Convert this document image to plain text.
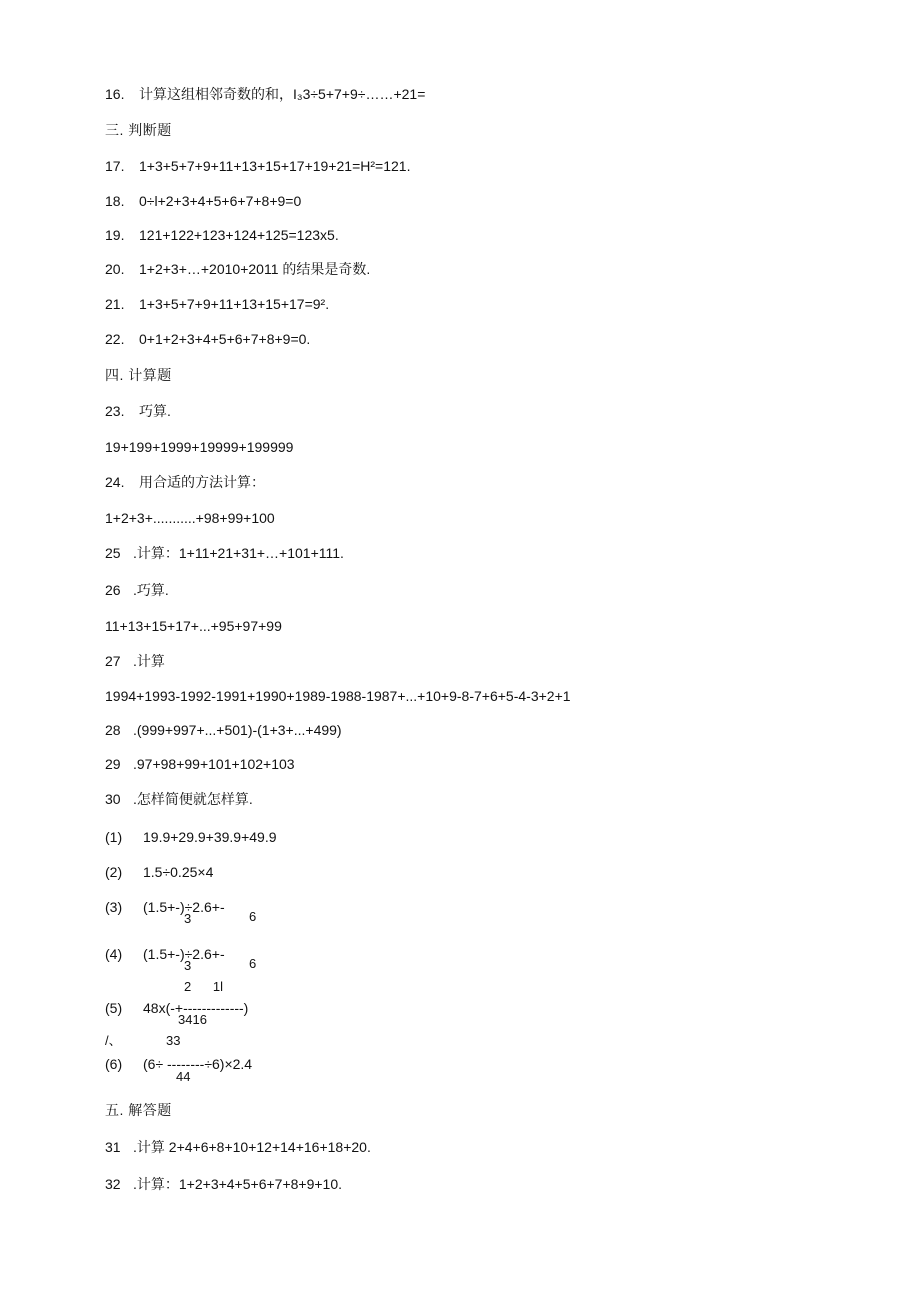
16. 计算这组相邻奇数的和，I₃3÷5+7+9÷……+21=
三. 判断题
17. 1+3+5+7+9+11+13+15+17+19+21=H²=121.
18. 0÷l+2+3+4+5+6+7+8+9=0
19. 121+122+123+124+125=123x5.
20. 1+2+3+…+2010+2011 的结果是奇数.
21. 1+3+5+7+9+11+13+15+17=9².
22. 0+1+2+3+4+5+6+7+8+9=0.
四. 计算题
23. 巧算.
19+199+1999+19999+199999
24. 用合适的方法计算：
1+2+3+...........+98+99+100
25 .计算：1+11+21+31+…+101+111.
26 .巧算.
11+13+15+17+...+95+97+99
27 .计算
1994+1993-1992-1991+1990+1989-1988-1987+...+10+9-8-7+6+5-4-3+2+1
28 .(999+997+...+501)-(1+3+...+499)
29 .97+98+99+101+102+103
30 .怎样简便就怎样算.
(1) 19.9+29.9+39.9+49.9
(2) 1.5÷0.25×4
(3) (1.5+-)÷2.6+-
3	6
(4) (1.5+-)÷2.6+-
3	6
2      1l
(5) 48x(-+-------------)
3416
/、	33
(6) (6÷ --------÷6)×2.4
44
五. 解答题
31 .计算 2+4+6+8+10+12+14+16+18+20.
32 .计算：1+2+3+4+5+6+7+8+9+10.
